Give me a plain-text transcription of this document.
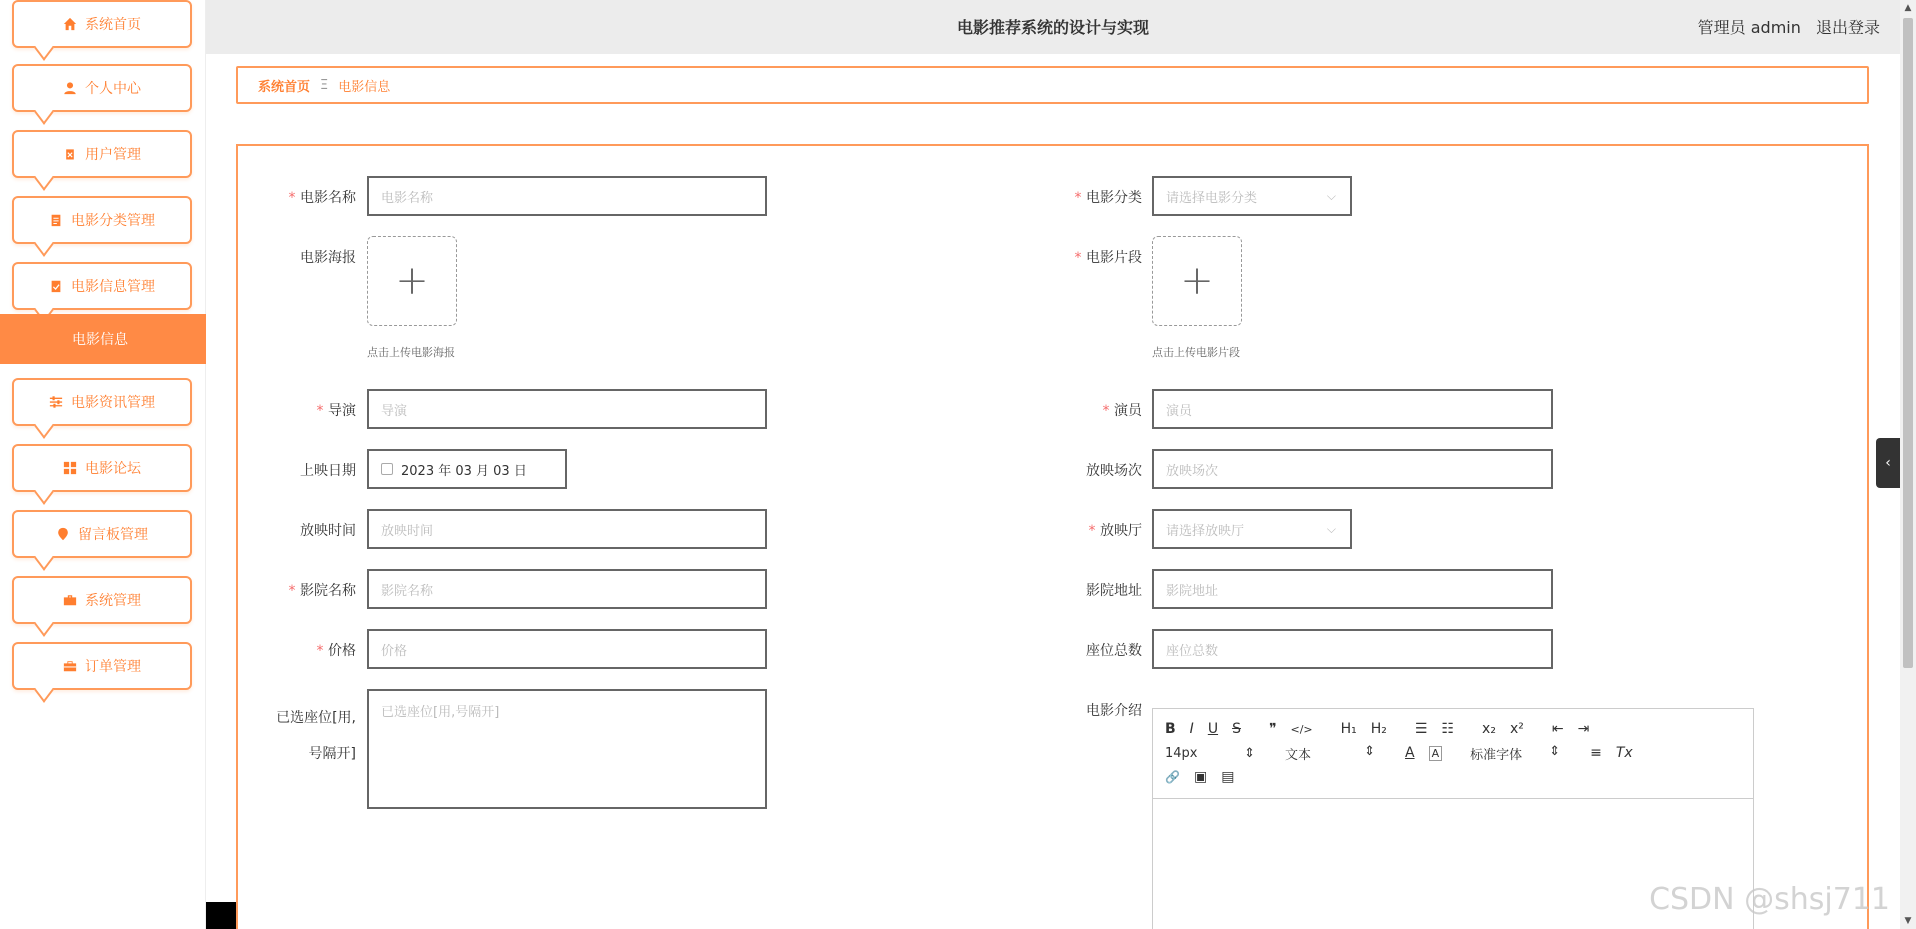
系统首页
个人中心
用户管理
电影分类管理
电影信息管理
电影信息
电影资讯管理
电影论坛
留言板管理
系统管理
订单管理
电影推荐系统的设计与实现	管理员 admin 退出登录
系统首页 Ξ 电影信息
* 电影名称 电影名称	* 电影分类 请选择电影分类	⌵
电影海报 +
点击上传电影海报
* 电影片段 +
点击上传电影片段
* 导演 导演	* 演员 演员
上映日期	2023 年 03 月 03 日	放映场次 放映场次
放映时间 放映时间	* 放映厅 请选择放映厅	⌵
* 影院名称 影院名称	影院地址 影院地址
* 价格 价格	座位总数 座位总数
已选座位[用,
号隔开]
已选座位[用,号隔开]	电影介绍
B I U S ❞ </> H₁ H₂ ☰ ☷ x₂ x² ⇤ ⇥
14px	⇕ 文本	⇕ A A 标准字体 ⇕ ≡ Tx
🔗 ▣ ▤
▲
▼
‹
CSDN @shsj711
